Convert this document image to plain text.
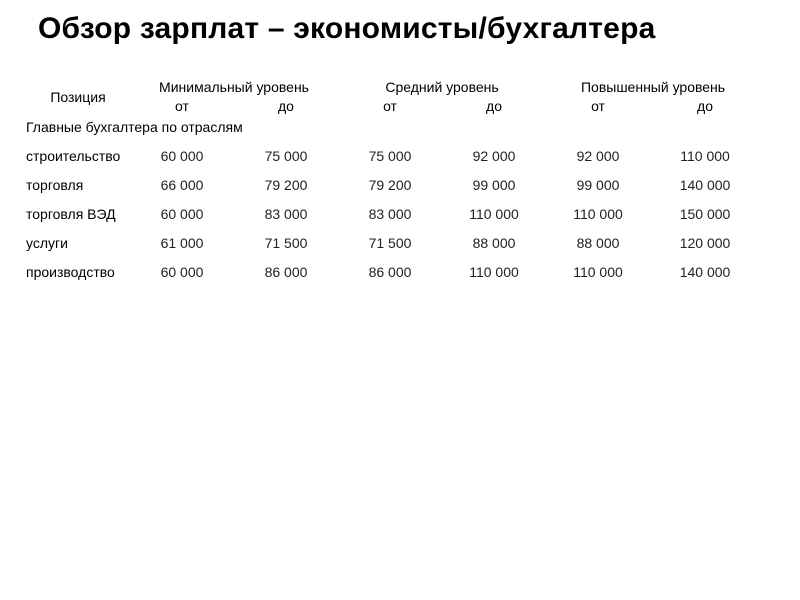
Обзор зарплат – экономисты/бухгалтера
Позиция	Минимальный уровень		Средний уровень		Повышенный уровень	
	от	до	от	до	от	до
Главные бухгалтера по отраслям						
строительство	60 000	75 000	75 000	92 000	92 000	110 000
торговля	66 000	79 200	79 200	99 000	99 000	140 000
торговля ВЭД	60 000	83 000	83 000	110 000	110 000	150 000
услуги	61 000	71 500	71 500	88 000	88 000	120 000
производство	60 000	86 000	86 000	110 000	110 000	140 000
